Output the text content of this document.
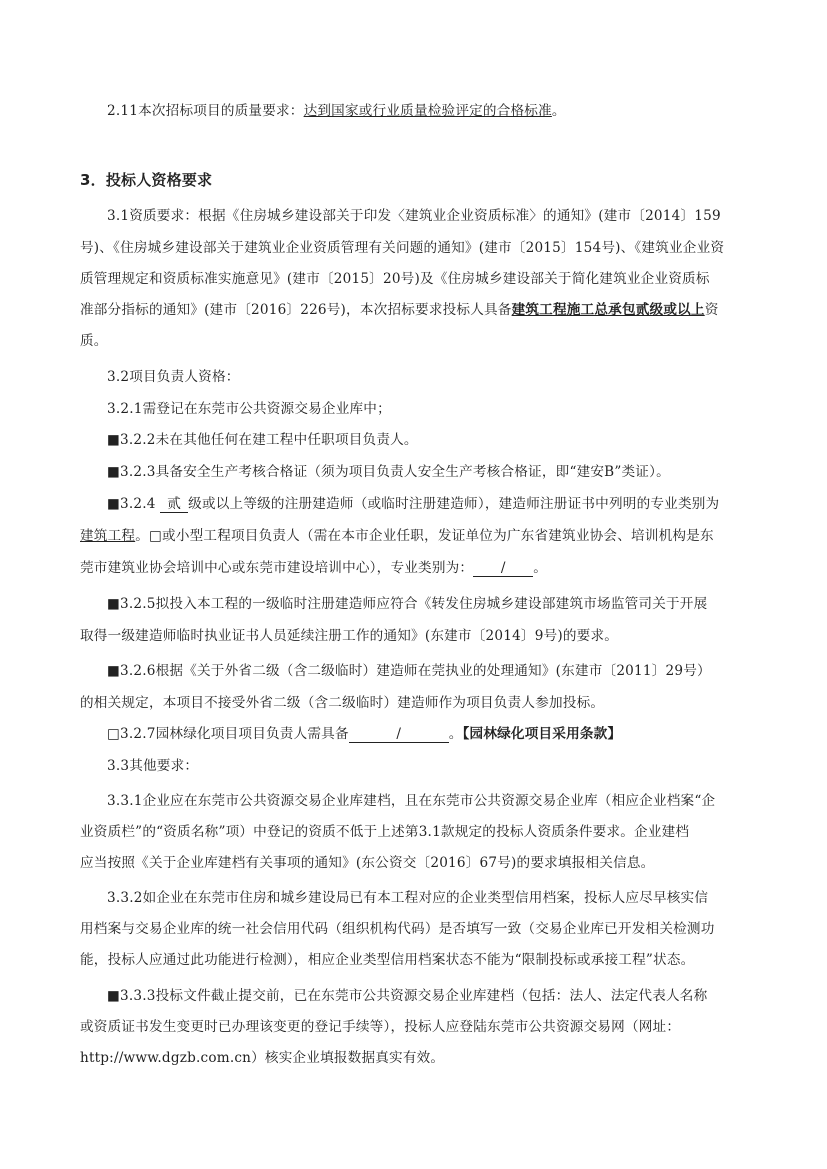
2.11本次招标项目的质量要求：达到国家或行业质量检验评定的合格标准。
3．投标人资格要求
3.1资质要求：根据《住房城乡建设部关于印发〈建筑业企业资质标准〉的通知》(建市〔2014〕159
号)、《住房城乡建设部关于建筑业企业资质管理有关问题的通知》(建市〔2015〕154号)、《建筑业企业资
质管理规定和资质标准实施意见》(建市〔2015〕20号)及《住房城乡建设部关于简化建筑业企业资质标
准部分指标的通知》(建市〔2016〕226号)，本次招标要求投标人具备建筑工程施工总承包贰级或以上资
质。
3.2项目负责人资格：
3.2.1需登记在东莞市公共资源交易企业库中；
■3.2.2未在其他任何在建工程中任职项目负责人。
■3.2.3具备安全生产考核合格证（须为项目负责人安全生产考核合格证，即“建安B”类证）。
■3.2.4 贰 级或以上等级的注册建造师（或临时注册建造师），建造师注册证书中列明的专业类别为
建筑工程。□或小型工程项目负责人（需在本市企业任职，发证单位为广东省建筑业协会、培训机构是东
莞市建筑业协会培训中心或东莞市建设培训中心），专业类别为： / 。
■3.2.5拟投入本工程的一级临时注册建造师应符合《转发住房城乡建设部建筑市场监管司关于开展
取得一级建造师临时执业证书人员延续注册工作的通知》(东建市〔2014〕9号)的要求。
■3.2.6根据《关于外省二级（含二级临时）建造师在莞执业的处理通知》(东建市〔2011〕29号）
的相关规定，本项目不接受外省二级（含二级临时）建造师作为项目负责人参加投标。
□3.2.7园林绿化项目项目负责人需具备	/	。【园林绿化项目采用条款】
3.3其他要求：
3.3.1企业应在东莞市公共资源交易企业库建档，且在东莞市公共资源交易企业库（相应企业档案“企
业资质栏”的“资质名称”项）中登记的资质不低于上述第3.1款规定的投标人资质条件要求。企业建档
应当按照《关于企业库建档有关事项的通知》(东公资交〔2016〕67号)的要求填报相关信息。
3.3.2如企业在东莞市住房和城乡建设局已有本工程对应的企业类型信用档案，投标人应尽早核实信
用档案与交易企业库的统一社会信用代码（组织机构代码）是否填写一致（交易企业库已开发相关检测功
能，投标人应通过此功能进行检测），相应企业类型信用档案状态不能为“限制投标或承接工程”状态。
■3.3.3投标文件截止提交前，已在东莞市公共资源交易企业库建档（包括：法人、法定代表人名称
或资质证书发生变更时已办理该变更的登记手续等），投标人应登陆东莞市公共资源交易网（网址：
http://www.dgzb.com.cn）核实企业填报数据真实有效。
